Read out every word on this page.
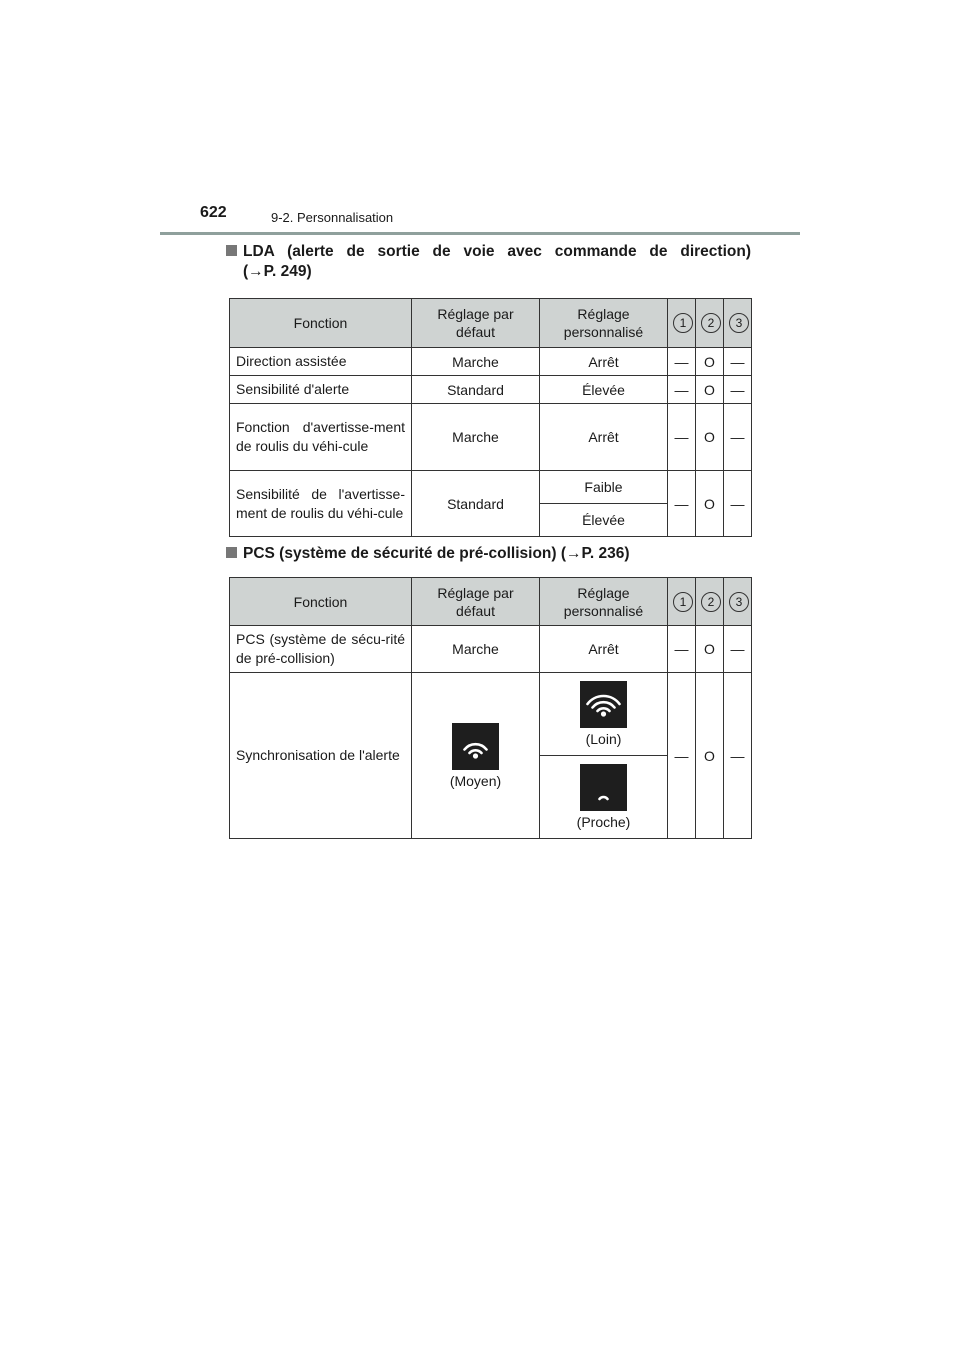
622	9-2. Personnalisation
LDA (alerte de sortie de voie avec commande de direction)
(→P. 249)
Fonction	Réglage par défaut	Réglage personnalisé	1	2	3
Direction assistée	Marche	Arrêt	—	O	—
Sensibilité d'alerte	Standard	Élevée	—	O	—
Fonction d'avertisse-ment de roulis du véhi-cule	Marche	Arrêt	—	O	—
Sensibilité de l'avertisse-ment de roulis du véhi-cule	Standard	Faible	—	O	—
		Élevée			
PCS (système de sécurité de pré-collision) (→P. 236)
Fonction	Réglage par défaut	Réglage personnalisé	1	2	3
PCS (système de sécu-rité de pré-collision)	Marche	Arrêt	—	O	—
Synchronisation de l'alerte	(Moyen)	(Loin)	—	O	—

		(Proche)			
